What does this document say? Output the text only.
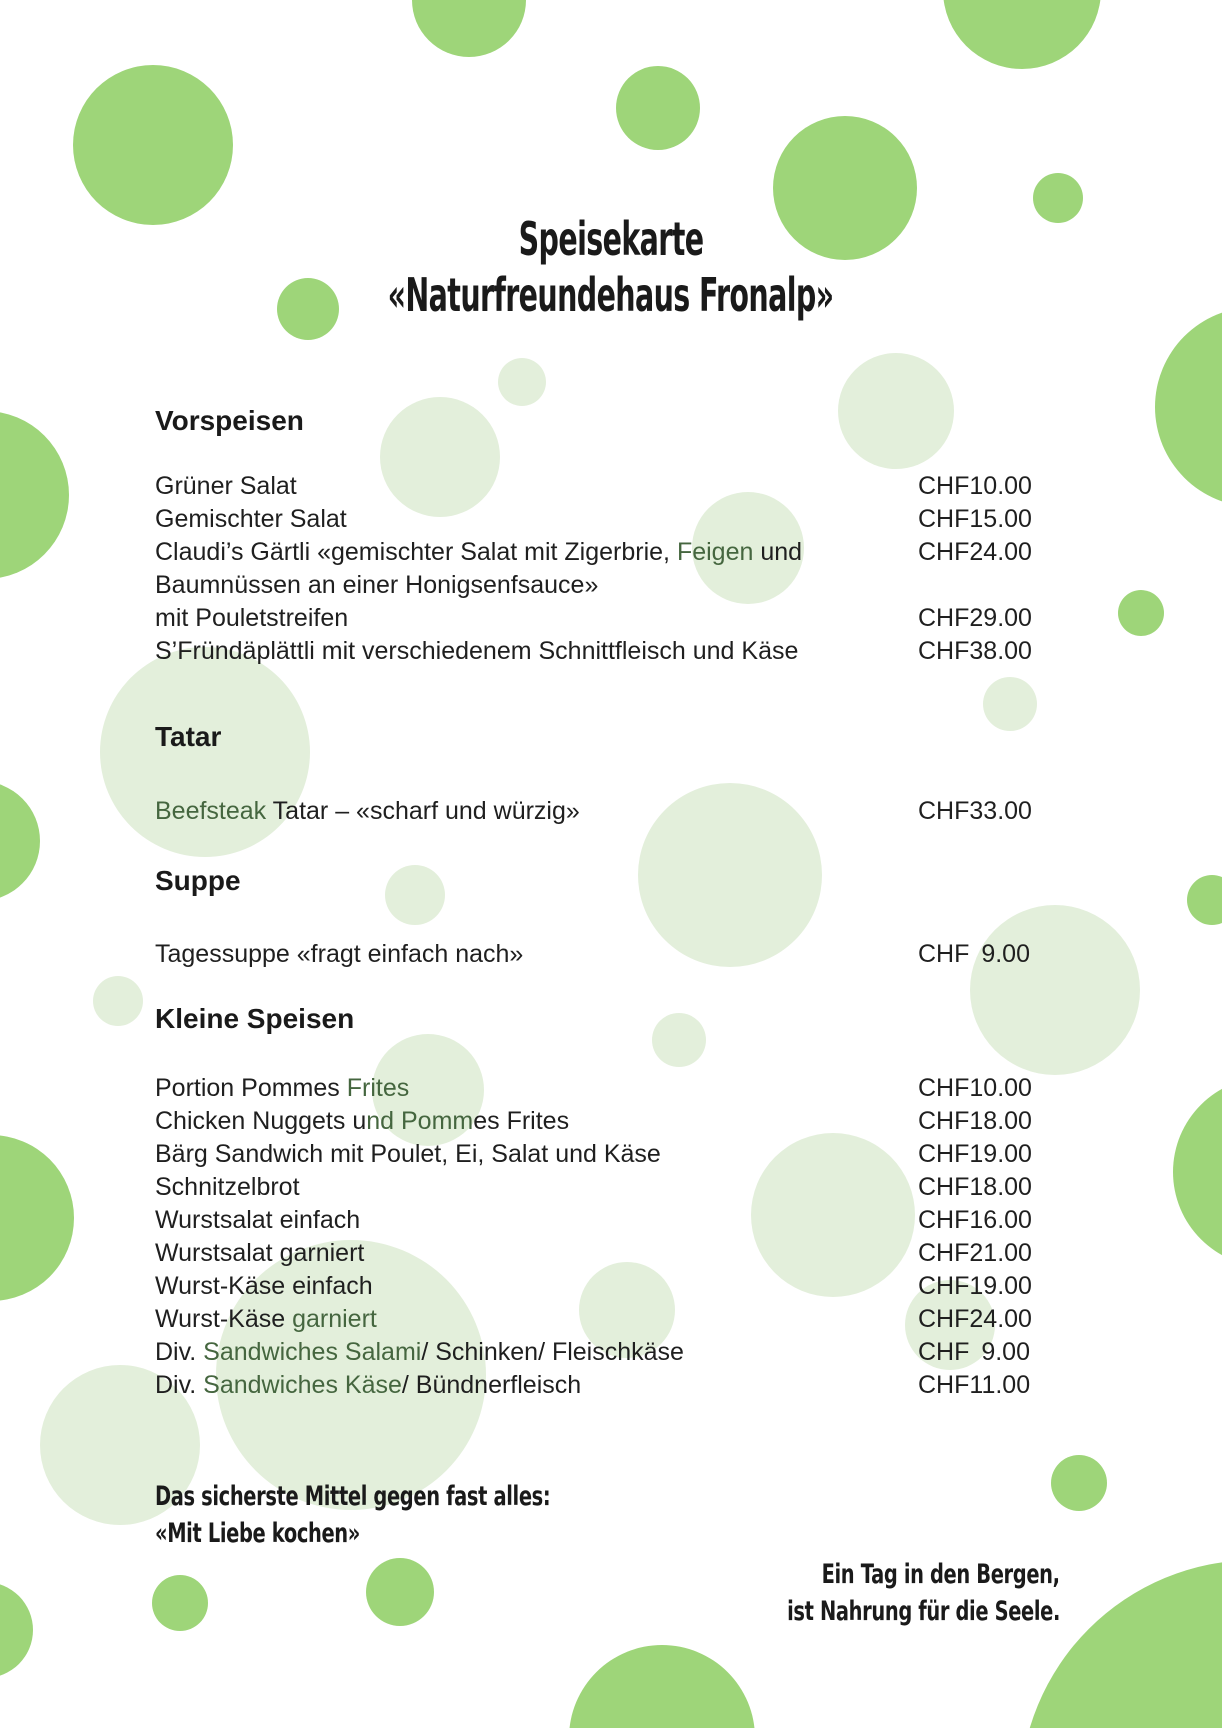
Speisekarte
«Naturfreundehaus Fronalp»
Vorspeisen
Grüner Salat	CHF 10.00
Gemischter Salat	CHF 15.00
Claudi’s Gärtli «gemischter Salat mit Zigerbrie, Feigen und	CHF 24.00
Baumnüssen an einer Honigsenfsauce»
mit Pouletstreifen	CHF 29.00
S’Fründäplättli mit verschiedenem Schnittfleisch und Käse	CHF 38.00
Tatar
Beefsteak Tatar – «scharf und würzig»	CHF 33.00
Suppe
Tagessuppe «fragt einfach nach»	CHF 9.00
Kleine Speisen
Portion Pommes Frites	CHF 10.00
Chicken Nuggets und Pommes Frites	CHF 18.00
Bärg Sandwich mit Poulet, Ei, Salat und Käse	CHF 19.00
Schnitzelbrot	CHF 18.00
Wurstsalat einfach	CHF 16.00
Wurstsalat garniert	CHF 21.00
Wurst-Käse einfach	CHF 19.00
Wurst-Käse garniert	CHF 24.00
Div. Sandwiches Salami/ Schinken/ Fleischkäse	CHF 9.00
Div. Sandwiches Käse/ Bündnerfleisch	CHF 11.00
Das sicherste Mittel gegen fast alles:
«Mit Liebe kochen»
Ein Tag in den Bergen,
ist Nahrung für die Seele.
